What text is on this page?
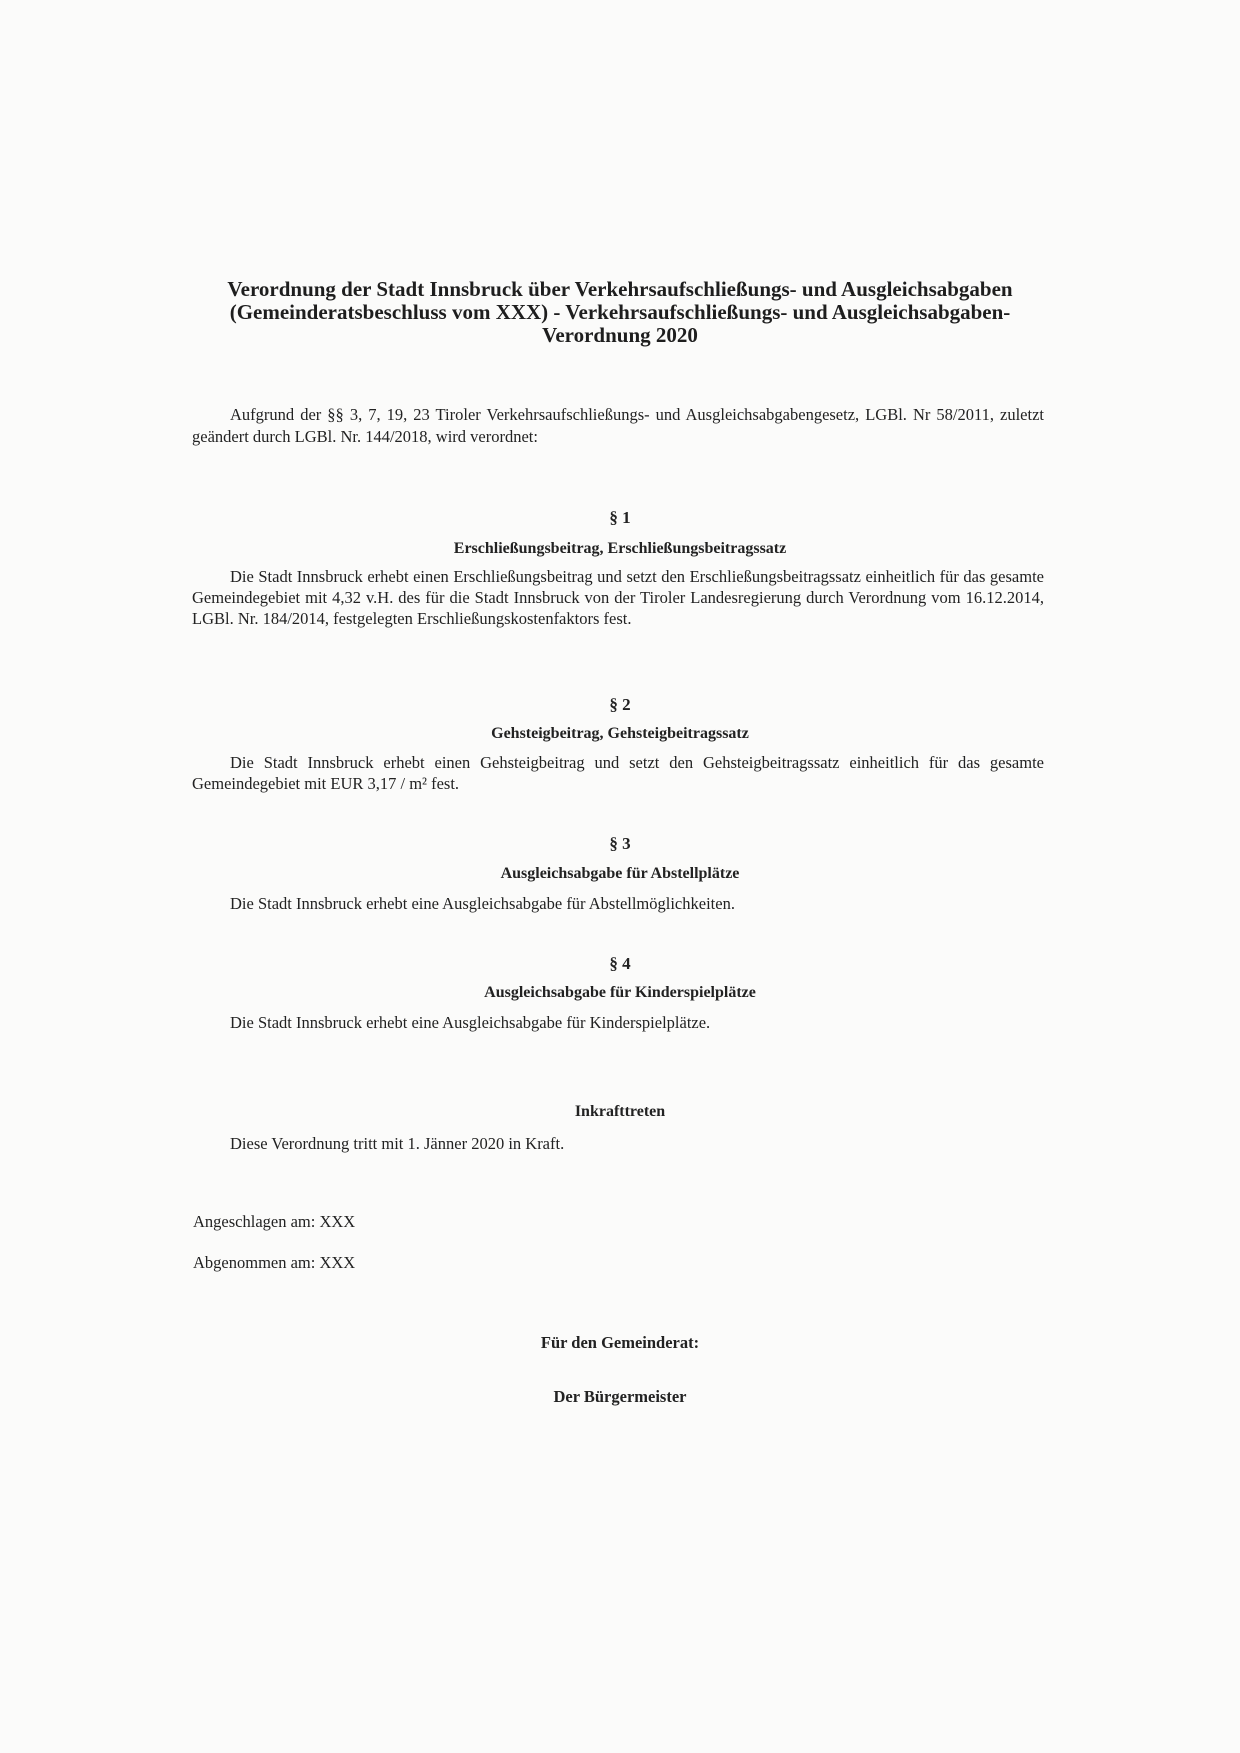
Verordnung der Stadt Innsbruck über Verkehrsaufschließungs- und Ausgleichsabgaben
(Gemeinderatsbeschluss vom XXX) - Verkehrsaufschließungs- und Ausgleichsabgaben-
Verordnung 2020
Aufgrund der §§ 3, 7, 19, 23 Tiroler Verkehrsaufschließungs- und Ausgleichsabgabengesetz, LGBl. Nr 58/2011, zuletzt geändert durch LGBl. Nr. 144/2018, wird verordnet:
§ 1
Erschließungsbeitrag, Erschließungsbeitragssatz
Die Stadt Innsbruck erhebt einen Erschließungsbeitrag und setzt den Erschließungsbeitragssatz einheitlich für das gesamte Gemeindegebiet mit 4,32 v.H. des für die Stadt Innsbruck von der Tiroler Landesregierung durch Verordnung vom 16.12.2014, LGBl. Nr. 184/2014, festgelegten Erschließungskostenfaktors fest.
§ 2
Gehsteigbeitrag, Gehsteigbeitragssatz
Die Stadt Innsbruck erhebt einen Gehsteigbeitrag und setzt den Gehsteigbeitragssatz einheitlich für das gesamte Gemeindegebiet mit EUR 3,17 / m² fest.
§ 3
Ausgleichsabgabe für Abstellplätze
Die Stadt Innsbruck erhebt eine Ausgleichsabgabe für Abstellmöglichkeiten.
§ 4
Ausgleichsabgabe für Kinderspielplätze
Die Stadt Innsbruck erhebt eine Ausgleichsabgabe für Kinderspielplätze.
Inkrafttreten
Diese Verordnung tritt mit 1. Jänner 2020 in Kraft.
Angeschlagen am: XXX
Abgenommen am: XXX
Für den Gemeinderat:
Der Bürgermeister
